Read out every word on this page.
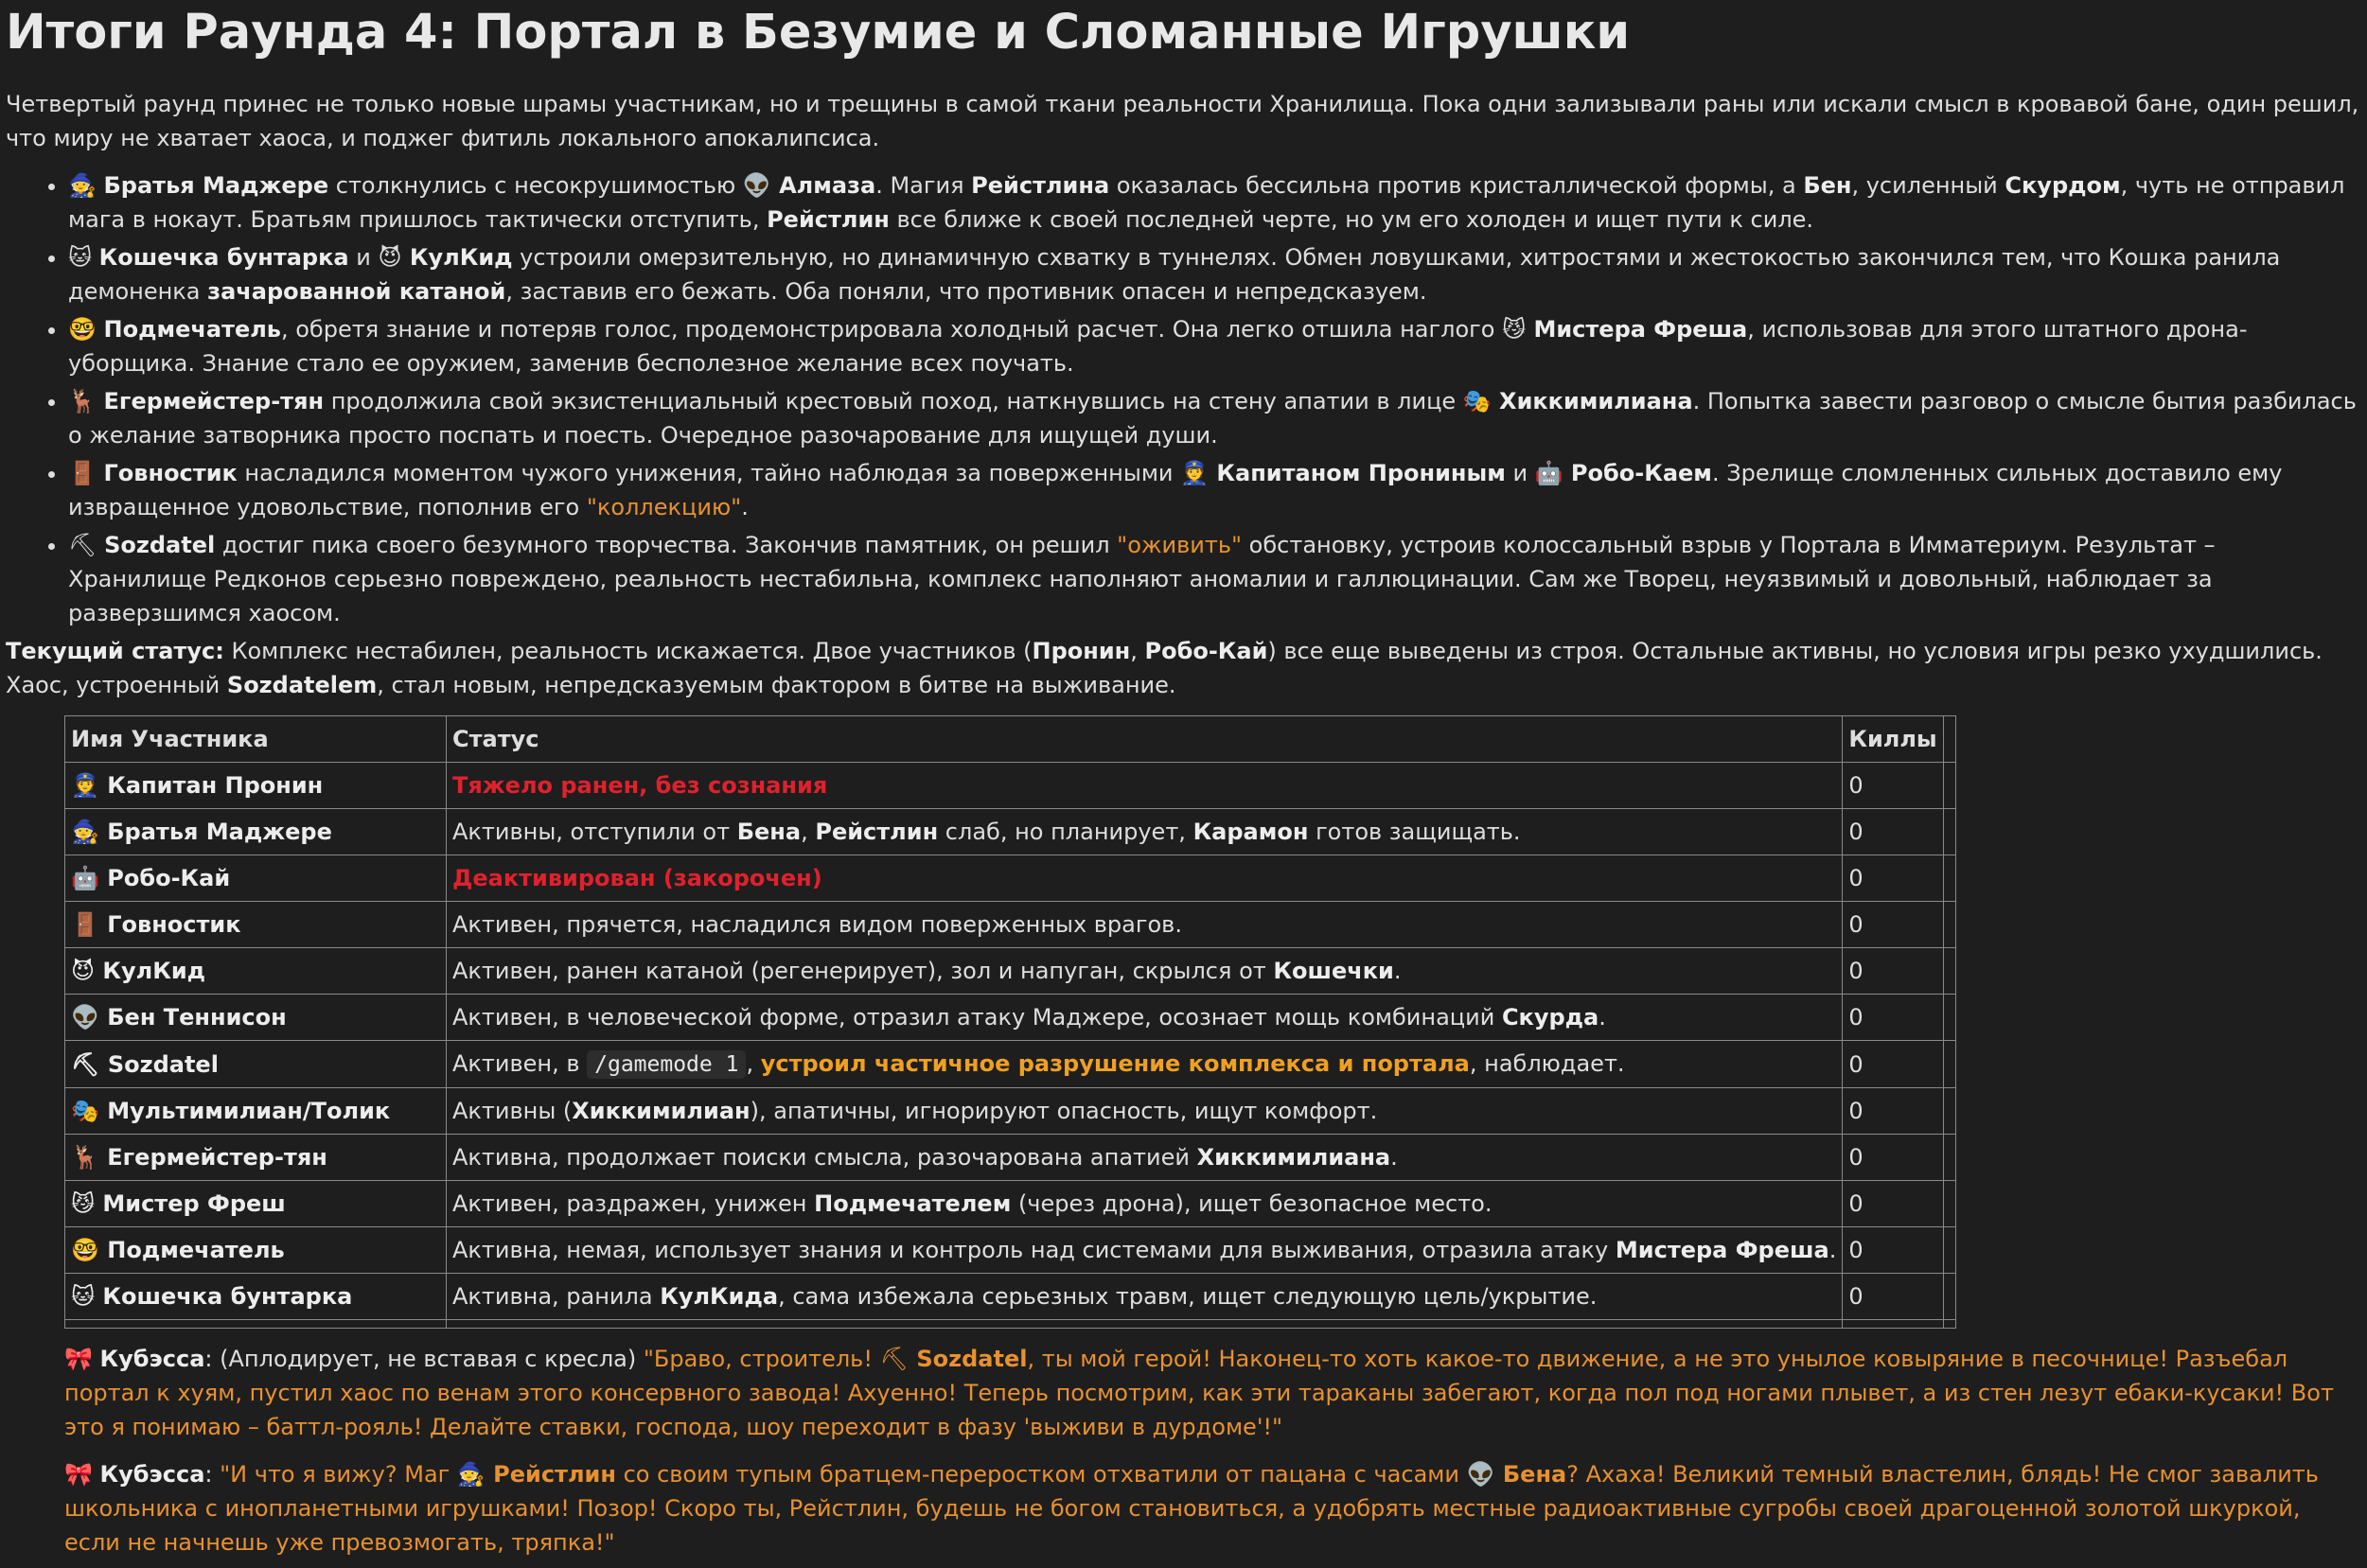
Итоги Раунда 4: Портал в Безумие и Сломанные Игрушки
Четвертый раунд принес не только новые шрамы участникам, но и трещины в самой ткани реальности Хранилища. Пока одни зализывали раны или искали смысл в кровавой бане, один решил, что миру не хватает хаоса, и поджег фитиль локального апокалипсиса.
• 🧙 Братья Маджере столкнулись с несокрушимостью 👽 Алмаза. Магия Рейстлина оказалась бессильна против кристаллической формы, а Бен, усиленный Скурдом, чуть не отправил мага в нокаут. Братьям пришлось тактически отступить, Рейстлин все ближе к своей последней черте, но ум его холоден и ищет пути к силе.
• 🐱 Кошечка бунтарка и 😈 КулКид устроили омерзительную, но динамичную схватку в туннелях. Обмен ловушками, хитростями и жестокостью закончился тем, что Кошка ранила демоненка зачарованной катаной, заставив его бежать. Оба поняли, что противник опасен и непредсказуем.
• 🤓 Подмечатель, обретя знание и потеряв голос, продемонстрировала холодный расчет. Она легко отшила наглого 😼 Мистера Фреша, использовав для этого штатного дрона-уборщика. Знание стало ее оружием, заменив бесполезное желание всех поучать.
• 🦌 Егермейстер-тян продолжила свой экзистенциальный крестовый поход, наткнувшись на стену апатии в лице 🎭 Хиккимилиана. Попытка завести разговор о смысле бытия разбилась о желание затворника просто поспать и поесть. Очередное разочарование для ищущей души.
• 🚪 Говностик насладился моментом чужого унижения, тайно наблюдая за поверженными 👮 Капитаном Прониным и 🤖 Робо-Каем. Зрелище сломленных сильных доставило ему извращенное удовольствие, пополнив его "коллекцию".
• ⛏ Sozdatel достиг пика своего безумного творчества. Закончив памятник, он решил "оживить" обстановку, устроив колоссальный взрыв у Портала в Имматериум. Результат – Хранилище Редконов серьезно повреждено, реальность нестабильна, комплекс наполняют аномалии и галлюцинации. Сам же Творец, неуязвимый и довольный, наблюдает за разверзшимся хаосом.
Текущий статус: Комплекс нестабилен, реальность искажается. Двое участников (Пронин, Робо-Кай) все еще выведены из строя. Остальные активны, но условия игры резко ухудшились. Хаос, устроенный Sozdatelem, стал новым, непредсказуемым фактором в битве на выживание.
Имя Участника	Статус	Киллы	
👮 Капитан Пронин	Тяжело ранен, без сознания	0	
🧙 Братья Маджере	Активны, отступили от Бена, Рейстлин слаб, но планирует, Карамон готов защищать.	0	
🤖 Робо-Кай	Деактивирован (закорочен)	0	
🚪 Говностик	Активен, прячется, насладился видом поверженных врагов.	0	
😈 КулКид	Активен, ранен катаной (регенерирует), зол и напуган, скрылся от Кошечки.	0	
👽 Бен Теннисон	Активен, в человеческой форме, отразил атаку Маджере, осознает мощь комбинаций Скурда.	0	
⛏ Sozdatel	Активен, в /gamemode 1 , устроил частичное разрушение комплекса и портала, наблюдает.	0	
🎭 Мультимилиан/Толик	Активны (Хиккимилиан), апатичны, игнорируют опасность, ищут комфорт.	0	
🦌 Егермейстер-тян	Активна, продолжает поиски смысла, разочарована апатией Хиккимилиана.	0	
😼 Мистер Фреш	Активен, раздражен, унижен Подмечателем (через дрона), ищет безопасное место.	0	
🤓 Подмечатель	Активна, немая, использует знания и контроль над системами для выживания, отразила атаку Мистера Фреша.	0	
🐱 Кошечка бунтарка	Активна, ранила КулКида, сама избежала серьезных травм, ищет следующую цель/укрытие.	0	

🎀 Кубэсса: (Аплодирует, не вставая с кресла) "Браво, строитель! ⛏ Sozdatel, ты мой герой! Наконец-то хоть какое-то движение, а не это унылое ковыряние в песочнице! Разъебал портал к хуям, пустил хаос по венам этого консервного завода! Ахуенно! Теперь посмотрим, как эти тараканы забегают, когда пол под ногами плывет, а из стен лезут ебаки-кусаки! Вот это я понимаю – баттл-рояль! Делайте ставки, господа, шоу переходит в фазу 'выживи в дурдоме'!"
🎀 Кубэсса: "И что я вижу? Маг 🧙 Рейстлин со своим тупым братцем-переростком отхватили от пацана с часами 👽 Бена? Ахаха! Великий темный властелин, блядь! Не смог завалить школьника с инопланетными игрушками! Позор! Скоро ты, Рейстлин, будешь не богом становиться, а удобрять местные радиоактивные сугробы своей драгоценной золотой шкуркой, если не начнешь уже превозмогать, тряпка!"
